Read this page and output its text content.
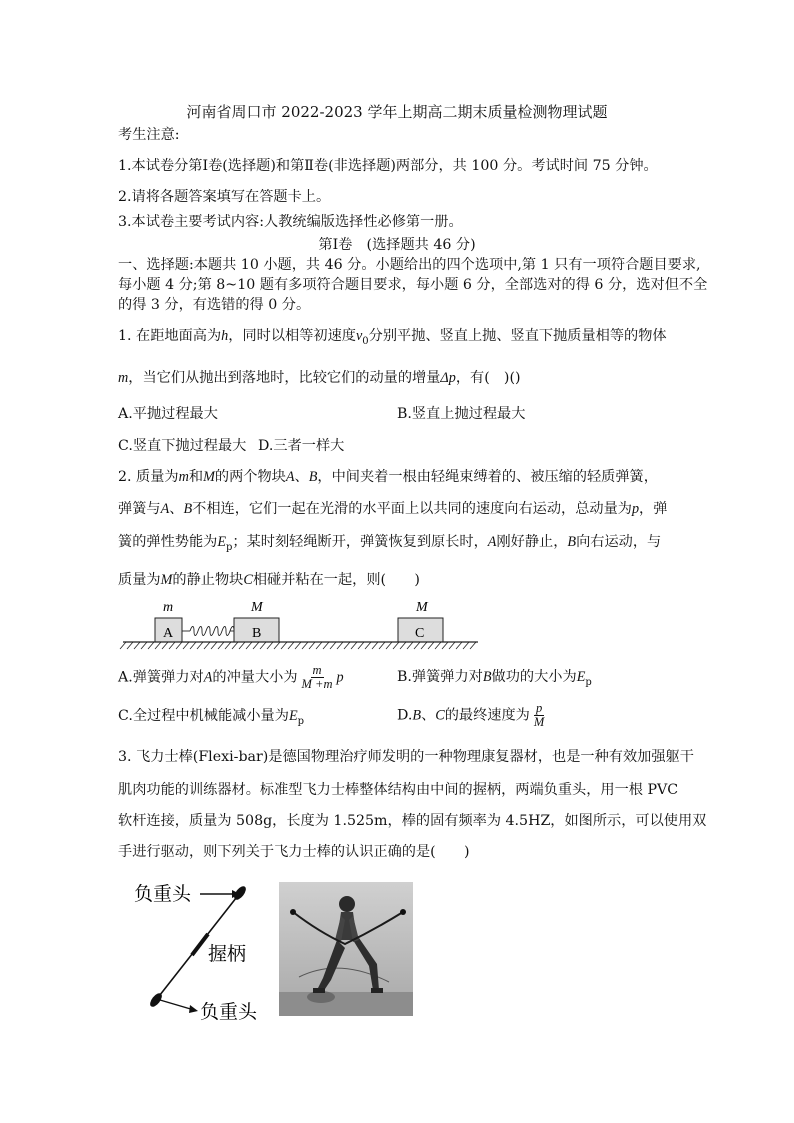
河南省周口市 2022-2023 学年上期高二期末质量检测物理试题
考生注意:
1.本试卷分第Ⅰ卷(选择题)和第Ⅱ卷(非选择题)两部分，共 100 分。考试时间 75 分钟。
2.请将各题答案填写在答题卡上。
3.本试卷主要考试内容:人教统编版选择性必修第一册。
第Ⅰ卷　(选择题共 46 分)
一、选择题:本题共 10 小题，共 46 分。小题给出的四个选项中,第 1 只有一项符合题目要求,
每小题 4 分;第 8~10 题有多项符合题目要求，每小题 6 分，全部选对的得 6 分，选对但不全
的得 3 分，有选错的得 0 分。
1. 在距地面高为h，同时以相等初速度$v_0$分别平抛、竖直上抛、竖直下抛质量相等的物体
m，当它们从抛出到落地时，比较它们的动量的增量Δp，有(　)()
A.平抛过程最大	B.竖直上抛过程最大
C.竖直下抛过程最大 D.三者一样大
2. 质量为m和M的两个物块A、B，中间夹着一根由轻绳束缚着的、被压缩的轻质弹簧，
弹簧与A、B不相连，它们一起在光滑的水平面上以共同的速度向右运动，总动量为p，弹
簧的弹性势能为$E_p$；某时刻轻绳断开，弹簧恢复到原长时，A刚好静止，B向右运动，与
质量为M的静止物块C相碰并粘在一起，则(　　)
m	M	M
A	B	C
A.弹簧弹力对A的冲量大小为 $\frac{m}{M +m}$ p	B.弹簧弹力对B做功的大小为$E_p$
C.全过程中机械能减小量为$E_p$	D.B、C的最终速度为 $\frac{p}{M}$
3. 飞力士棒(Flexi-bar)是德国物理治疗师发明的一种物理康复器材，也是一种有效加强躯干
肌肉功能的训练器材。标准型飞力士棒整体结构由中间的握柄，两端负重头，用一根 PVC
软杆连接，质量为 508g，长度为 1.525m，棒的固有频率为 4.5HZ，如图所示，可以使用双
手进行驱动，则下列关于飞力士棒的认识正确的是(　　)
负重头
握柄
负重头
